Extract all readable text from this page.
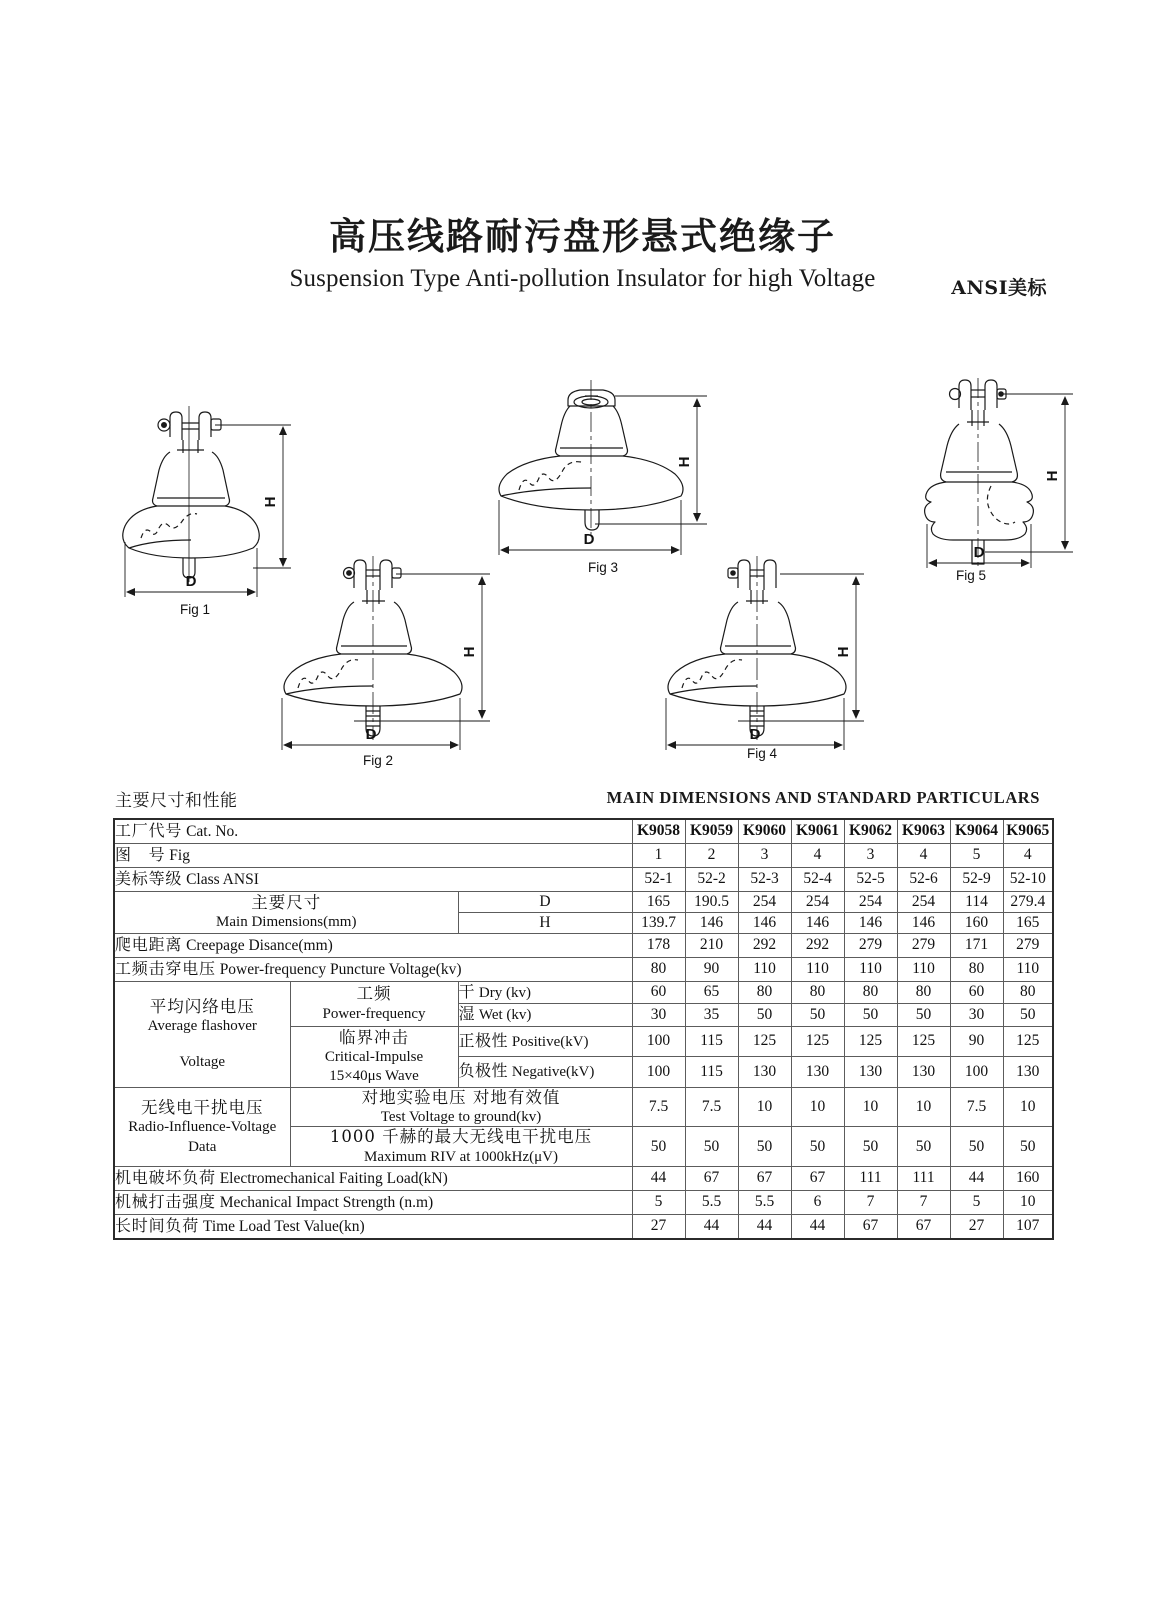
高压线路耐污盘形悬式绝缘子
Suspension Type Anti-pollution Insulator for high Voltage	ANSI美标
H
D
Fig 1
H
D
Fig 2
H
D
Fig 3
H
D
Fig 4
H
D
Fig 5
主要尺寸和性能	MAIN DIMENSIONS AND STANDARD PARTICULARS
工厂代号 Cat. No.			K9058	K9059	K9060	K9061	K9062	K9063	K9064	K9065
图　号 Fig			1	2	3	4	3	4	5	4
美标等级 Class ANSI			52-1	52-2	52-3	52-4	52-5	52-6	52-9	52-10

主要尺寸
Main Dimensions(mm)		D	165	190.5	254	254	254	254	114	279.4
		H	139.7	146	146	146	146	146	160	165
爬电距离 Creepage Disance(mm)			178	210	292	292	279	279	171	279
工频击穿电压 Power-frequency Puncture Voltage(kv)			80	90	110	110	110	110	80	110

平均闪络电压
Average flashover
Voltage	工频
Power-frequency	干 Dry (kv)	60	65	80	80	80	80	60	80
		湿 Wet (kv)	30	35	50	50	50	50	30	50

	临界冲击
Critical-Impulse
15×40μs Wave	正极性 Positive(kV)	100	115	125	125	125	125	90	125
		负极性 Negative(kV)	100	115	130	130	130	130	100	130

无线电干扰电压
Radio-Influence-Voltage Data	对地实验电压 对地有效值
Test Voltage to ground(kv)		7.5	7.5	10	10	10	10	7.5	10

	1000 千赫的最大无线电干扰电压
Maximum RIV at 1000kHz(μV)		50	50	50	50	50	50	50	50
机电破坏负荷 Electromechanical Faiting Load(kN)			44	67	67	67	111	111	44	160
机械打击强度 Mechanical Impact Strength (n.m)			5	5.5	5.5	6	7	7	5	10
长时间负荷 Time Load Test Value(kn)			27	44	44	44	67	67	27	107
